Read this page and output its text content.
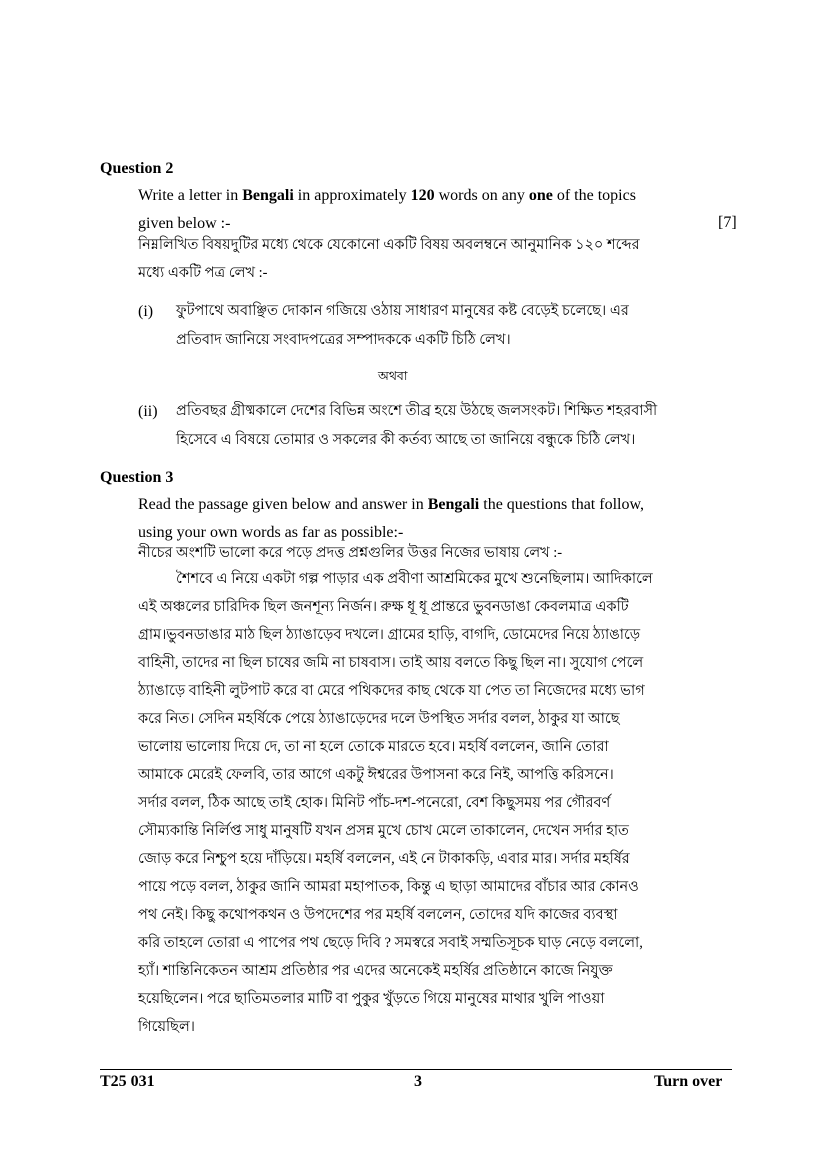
Question 2
Write a letter in Bengali in approximately 120 words on any one of the topics
given below :-	[7]
নিম্নলিখিত বিষয়দুটির মধ্যে থেকে যেকোনো একটি বিষয় অবলম্বনে আনুমানিক ১২০ শব্দের
মধ্যে একটি পত্র লেখ :-
(i) ফুটপাথে অবাঞ্ছিত দোকান গজিয়ে ওঠায় সাধারণ মানুষের কষ্ট বেড়েই চলেছে। এর
প্রতিবাদ জানিয়ে সংবাদপত্রের সম্পাদককে একটি চিঠি লেখ।
অথবা
(ii) প্রতিবছর গ্রীষ্মকালে দেশের বিভিন্ন অংশে তীব্র হয়ে উঠছে জলসংকট। শিক্ষিত শহরবাসী
হিসেবে এ বিষয়ে তোমার ও সকলের কী কর্তব্য আছে তা জানিয়ে বন্ধুকে চিঠি লেখ।
Question 3
Read the passage given below and answer in Bengali the questions that follow,
using your own words as far as possible:-
নীচের অংশটি ভালো করে পড়ে প্রদত্ত প্রশ্নগুলির উত্তর নিজের ভাষায় লেখ :-
শৈশবে এ নিয়ে একটা গল্প পাড়ার এক প্রবীণা আশ্রমিকের মুখে শুনেছিলাম। আদিকালে
এই অঞ্চলের চারিদিক ছিল জনশূন্য নির্জন। রুক্ষ ধূ ধূ প্রান্তরে ভুবনডাঙা কেবলমাত্র একটি
গ্রাম।ভুবনডাঙার মাঠ ছিল ঠ্যাঙাড়েব দখলে। গ্রামের হাড়ি, বাগদি, ডোমেদের নিয়ে ঠ্যাঙাড়ে
বাহিনী, তাদের না ছিল চাষের জমি না চাষবাস। তাই আয় বলতে কিছু ছিল না। সুযোগ পেলে
ঠ্যাঙাড়ে বাহিনী লুটপাট করে বা মেরে পথিকদের কাছ থেকে যা পেত তা নিজেদের মধ্যে ভাগ
করে নিত। সেদিন মহর্ষিকে পেয়ে ঠ্যাঙাড়েদের দলে উপস্থিত সর্দার বলল, ঠাকুর যা আছে
ভালোয় ভালোয় দিয়ে দে, তা না হলে তোকে মারতে হবে। মহর্ষি বললেন, জানি তোরা
আমাকে মেরেই ফেলবি, তার আগে একটু ঈশ্বরের উপাসনা করে নিই, আপত্তি করিসনে।
সর্দার বলল, ঠিক আছে তাই হোক। মিনিট পাঁচ-দশ-পনেরো, বেশ কিছুসময় পর গৌরবর্ণ
সৌম্যকান্তি নির্লিপ্ত সাধু মানুষটি যখন প্রসন্ন মুখে চোখ মেলে তাকালেন, দেখেন সর্দার হাত
জোড় করে নিশ্চুপ হয়ে দাঁড়িয়ে। মহর্ষি বললেন, এই নে টাকাকড়ি, এবার মার। সর্দার মহর্ষির
পায়ে পড়ে বলল, ঠাকুর জানি আমরা মহাপাতক, কিন্তু এ ছাড়া আমাদের বাঁচার আর কোনও
পথ নেই। কিছু কথোপকথন ও উপদেশের পর মহর্ষি বললেন, তোদের যদি কাজের ব্যবস্থা
করি তাহলে তোরা এ পাপের পথ ছেড়ে দিবি ? সমস্বরে সবাই সম্মতিসূচক ঘাড় নেড়ে বললো,
হ্যাঁ। শান্তিনিকেতন আশ্রম প্রতিষ্ঠার পর এদের অনেকেই মহর্ষির প্রতিষ্ঠানে কাজে নিযুক্ত
হয়েছিলেন। পরে ছাতিমতলার মাটি বা পুকুর খুঁড়তে গিয়ে মানুষের মাথার খুলি পাওয়া
গিয়েছিল।
T25 031	3	Turn over
